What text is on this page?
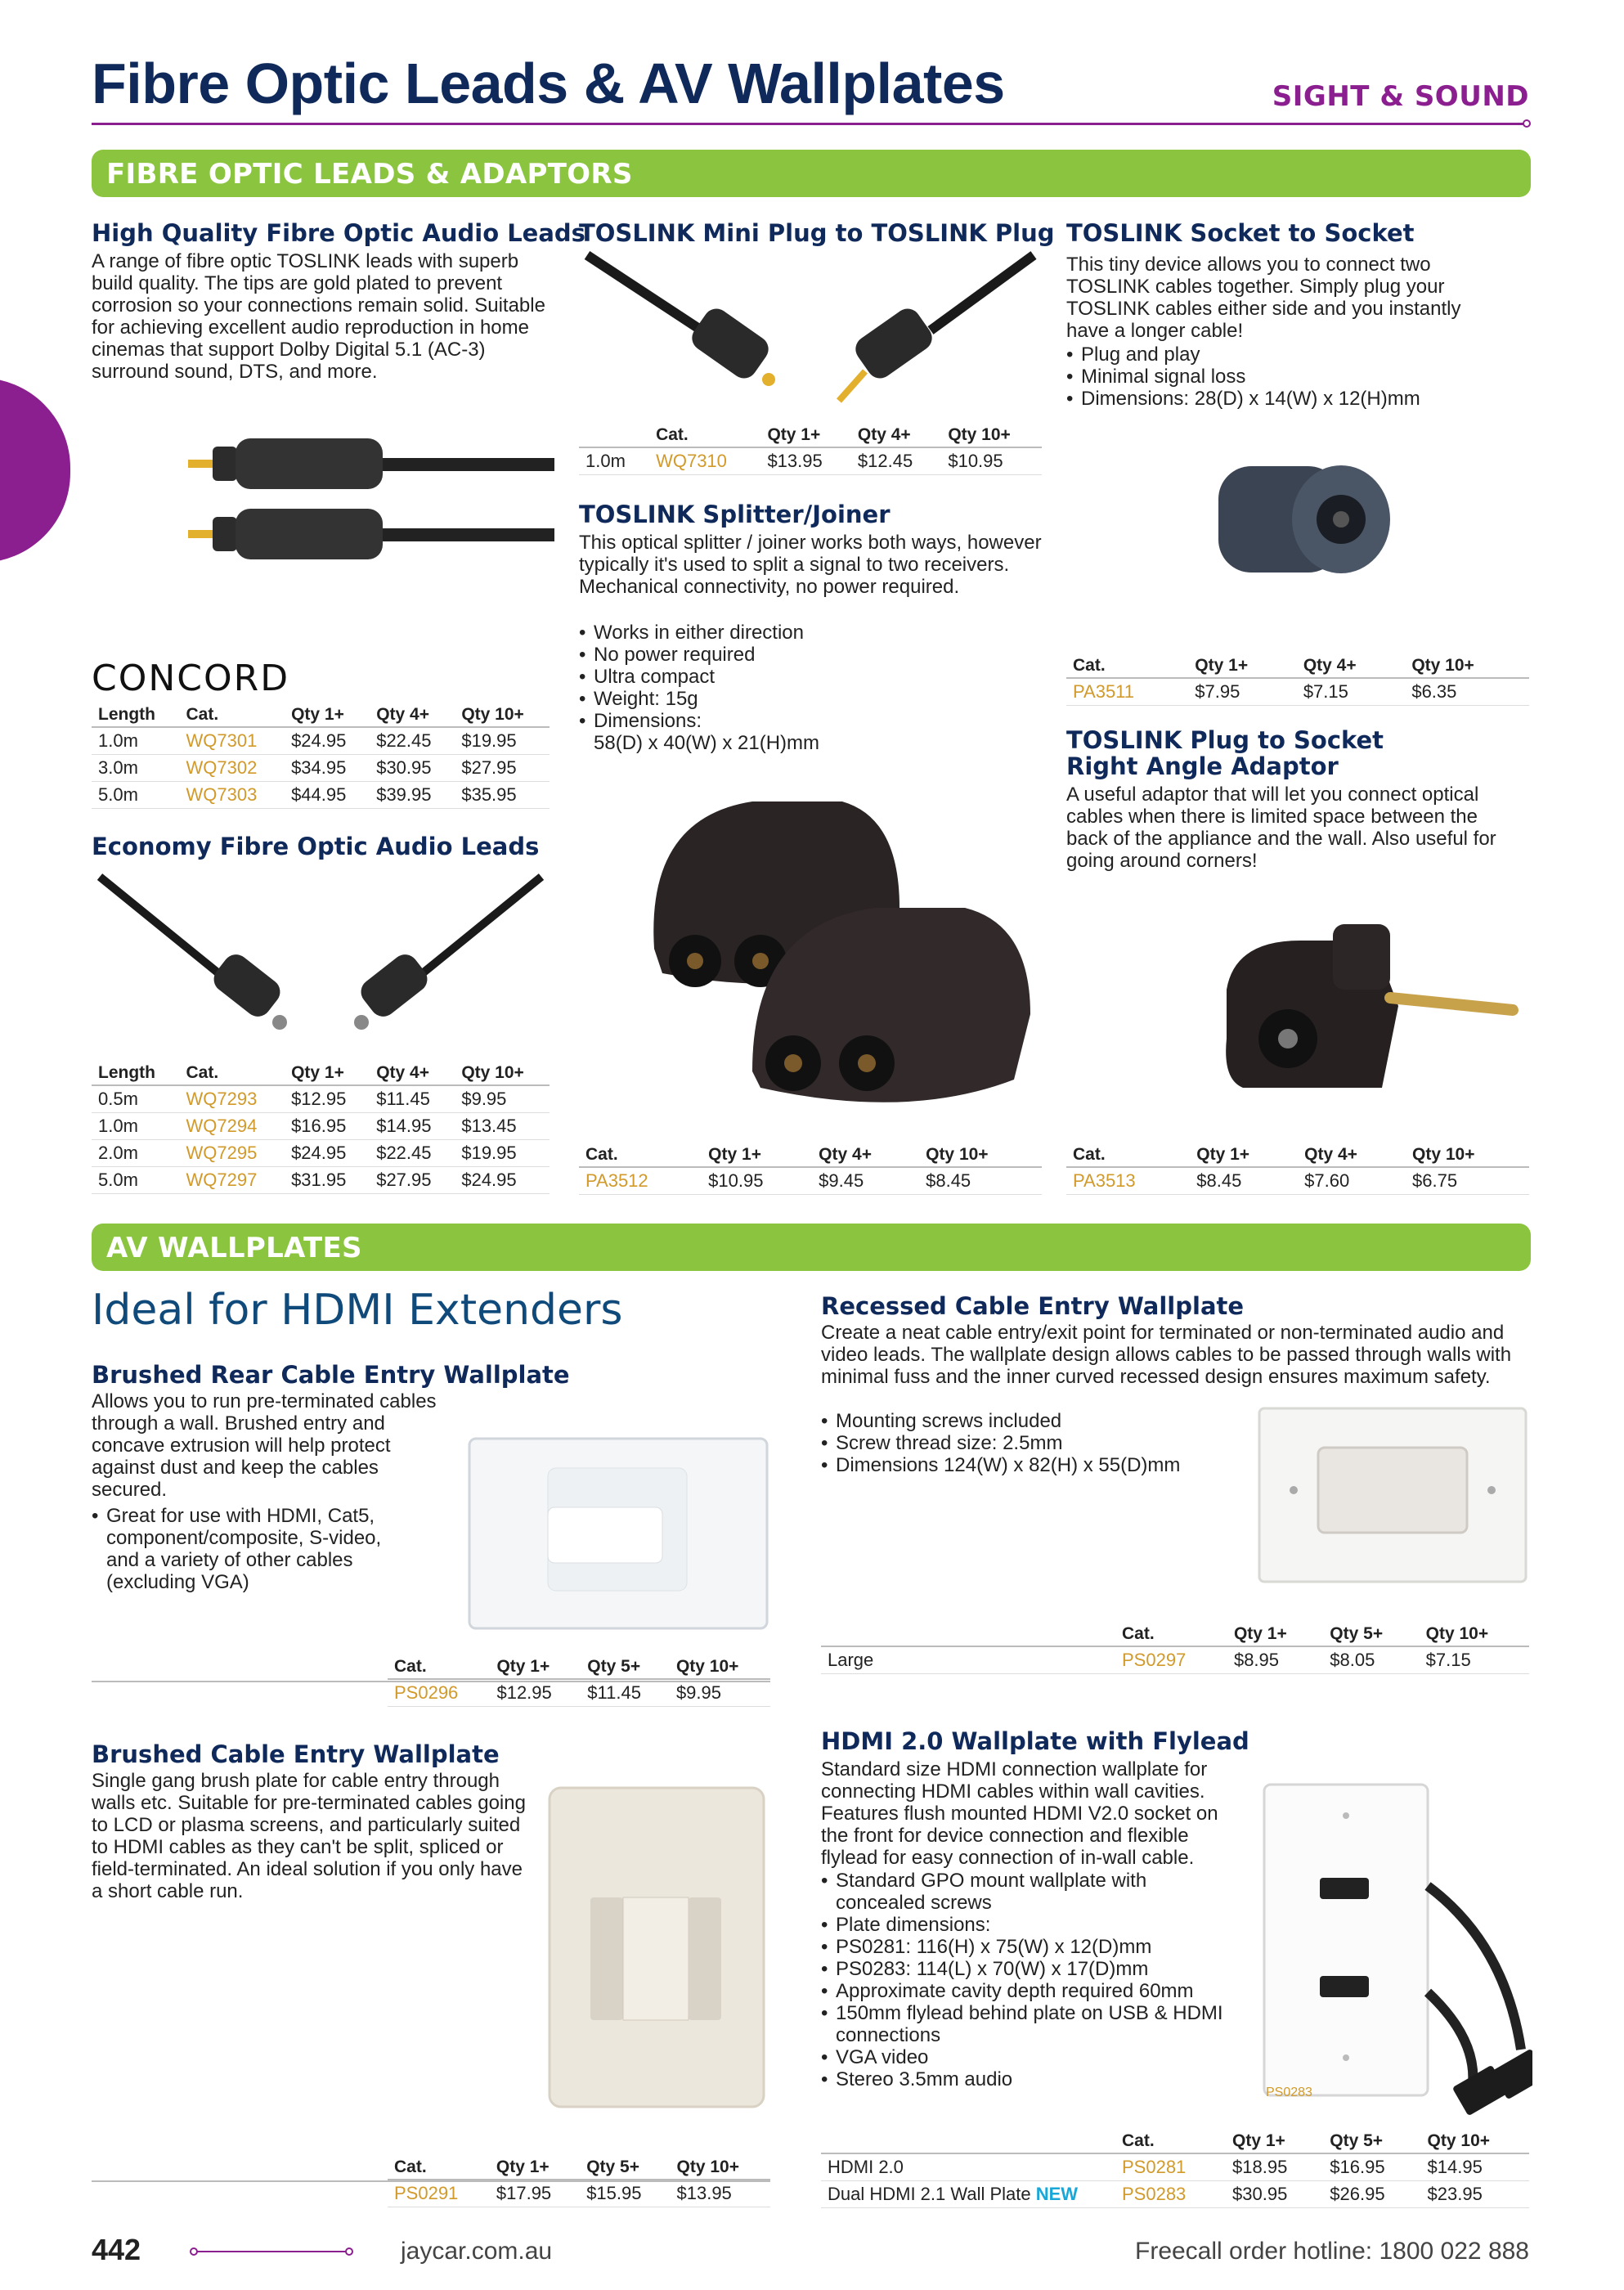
Fibre Optic Leads & AV Wallplates	SIGHT & SOUND
FIBRE OPTIC LEADS & ADAPTORS
High Quality Fibre Optic Audio Leads
A range of fibre optic TOSLINK leads with superb build quality. The tips are gold plated to prevent corrosion so your connections remain solid. Suitable for achieving excellent audio reproduction in home cinemas that support Dolby Digital 5.1 (AC-3) surround sound, DTS, and more.
CONCORD
Length	Cat.	Qty 1+	Qty 4+	Qty 10+
1.0m	WQ7301	$24.95	$22.45	$19.95
3.0m	WQ7302	$34.95	$30.95	$27.95
5.0m	WQ7303	$44.95	$39.95	$35.95
Economy Fibre Optic Audio Leads
Length	Cat.	Qty 1+	Qty 4+	Qty 10+
0.5m	WQ7293	$12.95	$11.45	$9.95
1.0m	WQ7294	$16.95	$14.95	$13.45
2.0m	WQ7295	$24.95	$22.45	$19.95
5.0m	WQ7297	$31.95	$27.95	$24.95
TOSLINK Mini Plug to TOSLINK Plug
	Cat.	Qty 1+	Qty 4+	Qty 10+
1.0m	WQ7310	$13.95	$12.45	$10.95
TOSLINK Splitter/Joiner
This optical splitter / joiner works both ways, however typically it's used to split a signal to two receivers. Mechanical connectivity, no power required.
• Works in either direction
• No power required
• Ultra compact
• Weight: 15g
• Dimensions:
58(D) x 40(W) x 21(H)mm
Cat.	Qty 1+	Qty 4+	Qty 10+
PA3512	$10.95	$9.45	$8.45
TOSLINK Socket to Socket
This tiny device allows you to connect two TOSLINK cables together. Simply plug your TOSLINK cables either side and you instantly have a longer cable!
• Plug and play
• Minimal signal loss
• Dimensions: 28(D) x 14(W) x 12(H)mm
Cat.	Qty 1+	Qty 4+	Qty 10+
PA3511	$7.95	$7.15	$6.35
TOSLINK Plug to Socket
Right Angle Adaptor
A useful adaptor that will let you connect optical cables when there is limited space between the back of the appliance and the wall. Also useful for going around corners!
Cat.	Qty 1+	Qty 4+	Qty 10+
PA3513	$8.45	$7.60	$6.75
AV WALLPLATES
Ideal for HDMI Extenders
Brushed Rear Cable Entry Wallplate
Allows you to run pre-terminated cables through a wall. Brushed entry and concave extrusion will help protect against dust and keep the cables secured.
• Great for use with HDMI, Cat5, component/composite, S-video, and a variety of other cables (excluding VGA)
Cat.	Qty 1+	Qty 5+	Qty 10+
PS0296	$12.95	$11.45	$9.95
Recessed Cable Entry Wallplate
Create a neat cable entry/exit point for terminated or non-terminated audio and video leads. The wallplate design allows cables to be passed through walls with minimal fuss and the inner curved recessed design ensures maximum safety.
• Mounting screws included
• Screw thread size: 2.5mm
• Dimensions 124(W) x 82(H) x 55(D)mm
	Cat.	Qty 1+	Qty 5+	Qty 10+
Large	PS0297	$8.95	$8.05	$7.15
Brushed Cable Entry Wallplate
Single gang brush plate for cable entry through walls etc. Suitable for pre-terminated cables going to LCD or plasma screens, and particularly suited to HDMI cables as they can't be split, spliced or field-terminated. An ideal solution if you only have a short cable run.
Cat.	Qty 1+	Qty 5+	Qty 10+
PS0291	$17.95	$15.95	$13.95
HDMI 2.0 Wallplate with Flylead
Standard size HDMI connection wallplate for connecting HDMI cables within wall cavities. Features flush mounted HDMI V2.0 socket on the front for device connection and flexible flylead for easy connection of in-wall cable.
• Standard GPO mount wallplate with concealed screws
• Plate dimensions:
• PS0281: 116(H) x 75(W) x 12(D)mm
• PS0283: 114(L) x 70(W) x 17(D)mm
• Approximate cavity depth required 60mm
• 150mm flylead behind plate on USB & HDMI connections
• VGA video
• Stereo 3.5mm audio
PS0283
	Cat.	Qty 1+	Qty 5+	Qty 10+
HDMI 2.0	PS0281	$18.95	$16.95	$14.95
Dual HDMI 2.1 Wall Plate NEW	PS0283	$30.95	$26.95	$23.95
442	jaycar.com.au	Freecall order hotline: 1800 022 888
